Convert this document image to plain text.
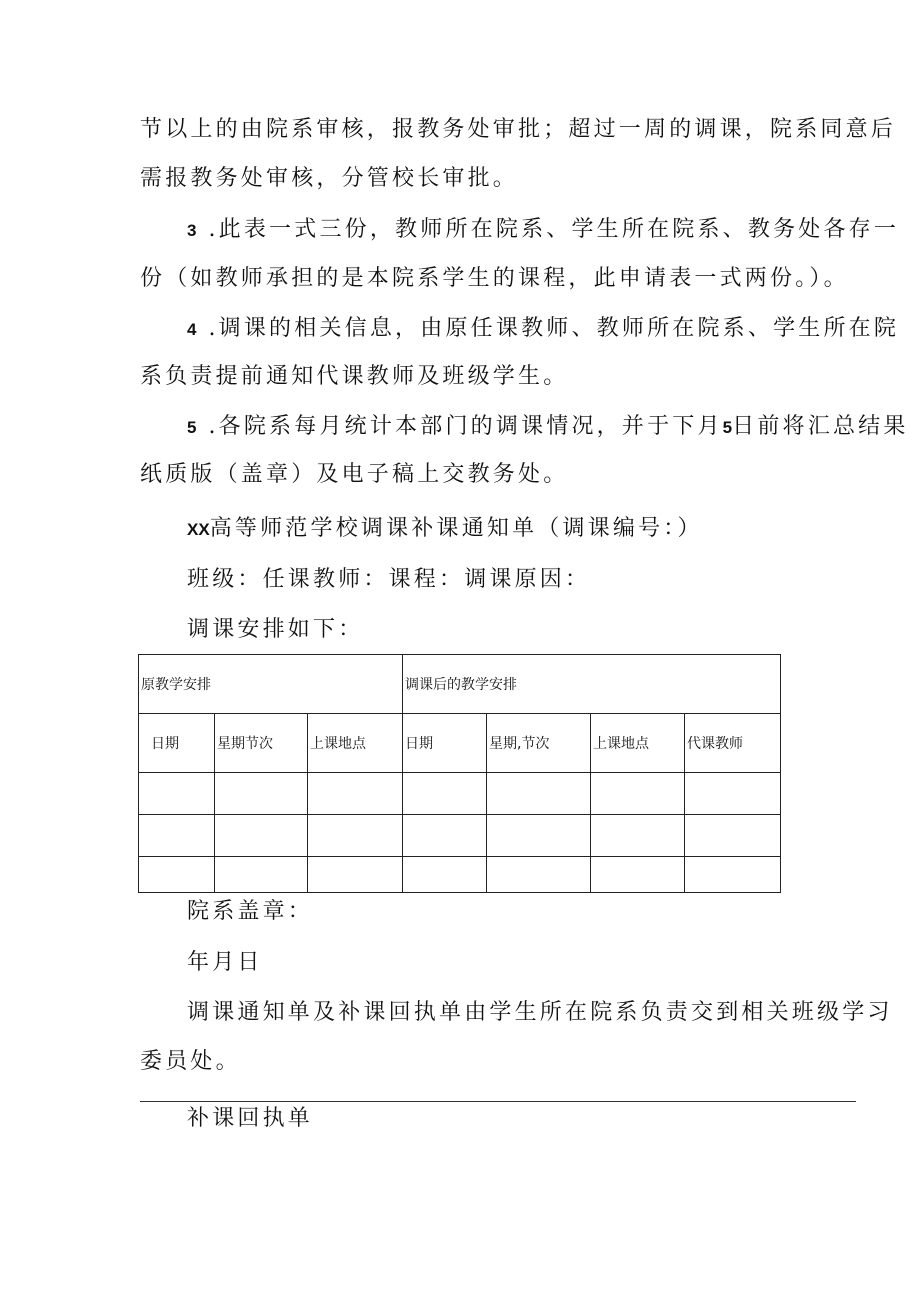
节以上的由院系审核，报教务处审批；超过一周的调课，院系同意后
需报教务处审核，分管校长审批。
3 .此表一式三份，教师所在院系、学生所在院系、教务处各存一
份（如教师承担的是本院系学生的课程，此申请表一式两份。）。
4 .调课的相关信息，由原任课教师、教师所在院系、学生所在院
系负责提前通知代课教师及班级学生。
5 .各院系每月统计本部门的调课情况，并于下月5日前将汇总结果
纸质版（盖章）及电子稿上交教务处。
XX高等师范学校调课补课通知单（调课编号：）
班级：任课教师：课程：调课原因：
调课安排如下：
原教学安排			调课后的教学安排			
日期	星期节次	上课地点	日期	星期,节次	上课地点	代课教师

院系盖章：
年月日
调课通知单及补课回执单由学生所在院系负责交到相关班级学习
委员处。
补课回执单
